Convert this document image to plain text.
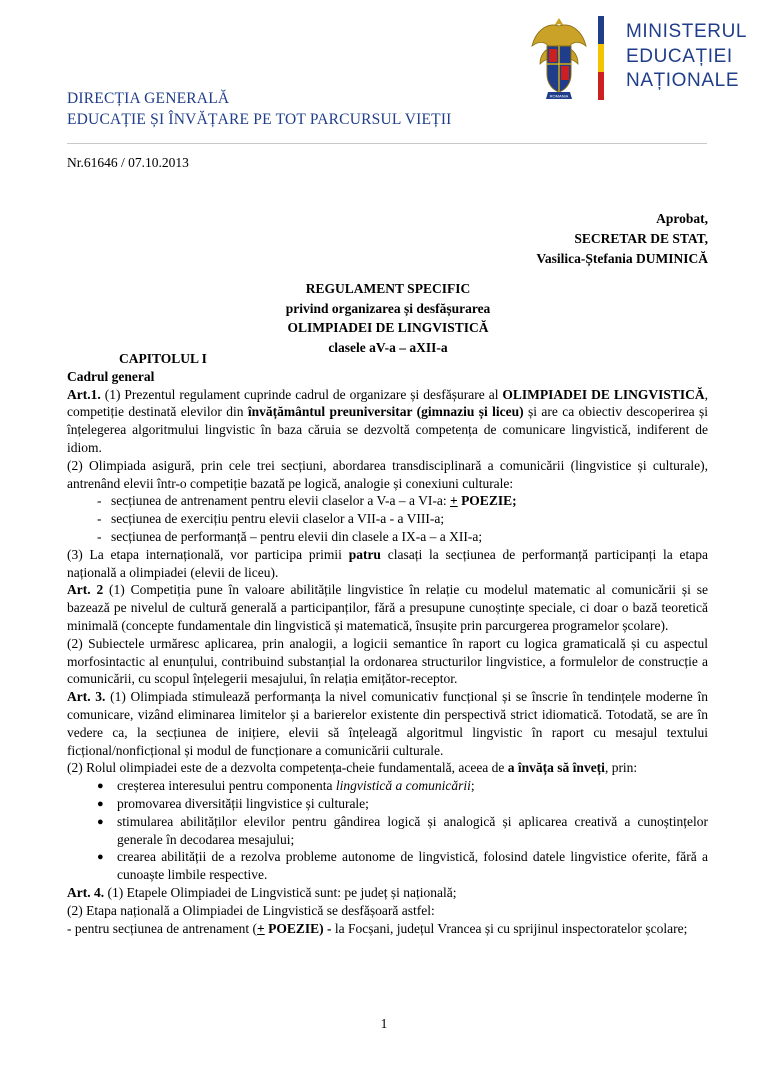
DIRECȚIA GENERALĂ
EDUCAȚIE ȘI ÎNVĂȚARE PE TOT PARCURSUL VIEȚII
ROMANIA
MINISTERUL
EDUCAȚIEI
NAȚIONALE
Nr.61646 / 07.10.2013
Aprobat,
SECRETAR DE STAT,
Vasilica-Ștefania DUMINICĂ
REGULAMENT SPECIFIC
privind organizarea și desfășurarea
OLIMPIADEI DE LINGVISTICĂ
clasele aV-a – aXII-a

CAPITOLUL I

Cadrul general

Art.1. (1) Prezentul regulament cuprinde cadrul de organizare și desfășurare al OLIMPIADEI DE LINGVISTICĂ, competiție destinată elevilor din învățământul preuniversitar (gimnaziu și liceu) și are ca obiectiv descoperirea și înțelegerea algoritmului lingvistic în baza căruia se dezvoltă competența de comunicare lingvistică, indiferent de idiom.

(2) Olimpiada asigură, prin cele trei secțiuni, abordarea transdisciplinară a comunicării (lingvistice și culturale), antrenând elevii într-o competiție bazată pe logică, analogie și conexiuni culturale:

- secțiunea de antrenament pentru elevii claselor a V-a – a VI-a: + POEZIE;

- secțiunea de exercițiu pentru elevii claselor a VII-a - a VIII-a;

- secțiunea de performanță – pentru elevii din clasele a IX-a – a XII-a;

(3) La etapa internațională, vor participa primii patru clasați la secțiunea de performanță participanți la etapa națională a olimpiadei (elevii de liceu).

Art. 2 (1) Competiția pune în valoare abilitățile lingvistice în relație cu modelul matematic al comunicării și se bazează pe nivelul de cultură generală a participanților, fără a presupune cunoștințe speciale, ci doar o bază teoretică minimală (concepte fundamentale din lingvistică și matematică, însușite prin parcurgerea programelor școlare).

(2) Subiectele urmăresc aplicarea, prin analogii, a logicii semantice în raport cu logica gramaticală și cu aspectul morfosintactic al enunțului, contribuind substanțial la ordonarea structurilor lingvistice, a formulelor de construcție a comunicării, cu scopul înțelegerii mesajului, în relația emițător-receptor.

Art. 3. (1) Olimpiada stimulează performanța la nivel comunicativ funcțional și se înscrie în tendințele moderne în comunicare, vizând eliminarea limitelor și a barierelor existente din perspectivă strict idiomatică. Totodată, se are în vedere ca, la secțiunea de inițiere, elevii să înțeleagă algoritmul lingvistic în raport cu mesajul textului ficțional/nonficțional și modul de funcționare a comunicării culturale.

(2) Rolul olimpiadei este de a dezvolta competența-cheie fundamentală, aceea de a învăța să înveți, prin:

● creșterea interesului pentru componenta lingvistică a comunicării;

● promovarea diversității lingvistice și culturale;

● stimularea abilităților elevilor pentru gândirea logică și analogică și aplicarea creativă a cunoștințelor generale în decodarea mesajului;

● crearea abilității de a rezolva probleme autonome de lingvistică, folosind datele lingvistice oferite, fără a cunoaște limbile respective.

Art. 4. (1) Etapele Olimpiadei de Lingvistică sunt: pe județ și națională;

(2) Etapa națională a Olimpiadei de Lingvistică se desfășoară astfel:

- pentru secțiunea de antrenament (+ POEZIE) - la Focșani, județul Vrancea și cu sprijinul inspectoratelor școlare;

1
